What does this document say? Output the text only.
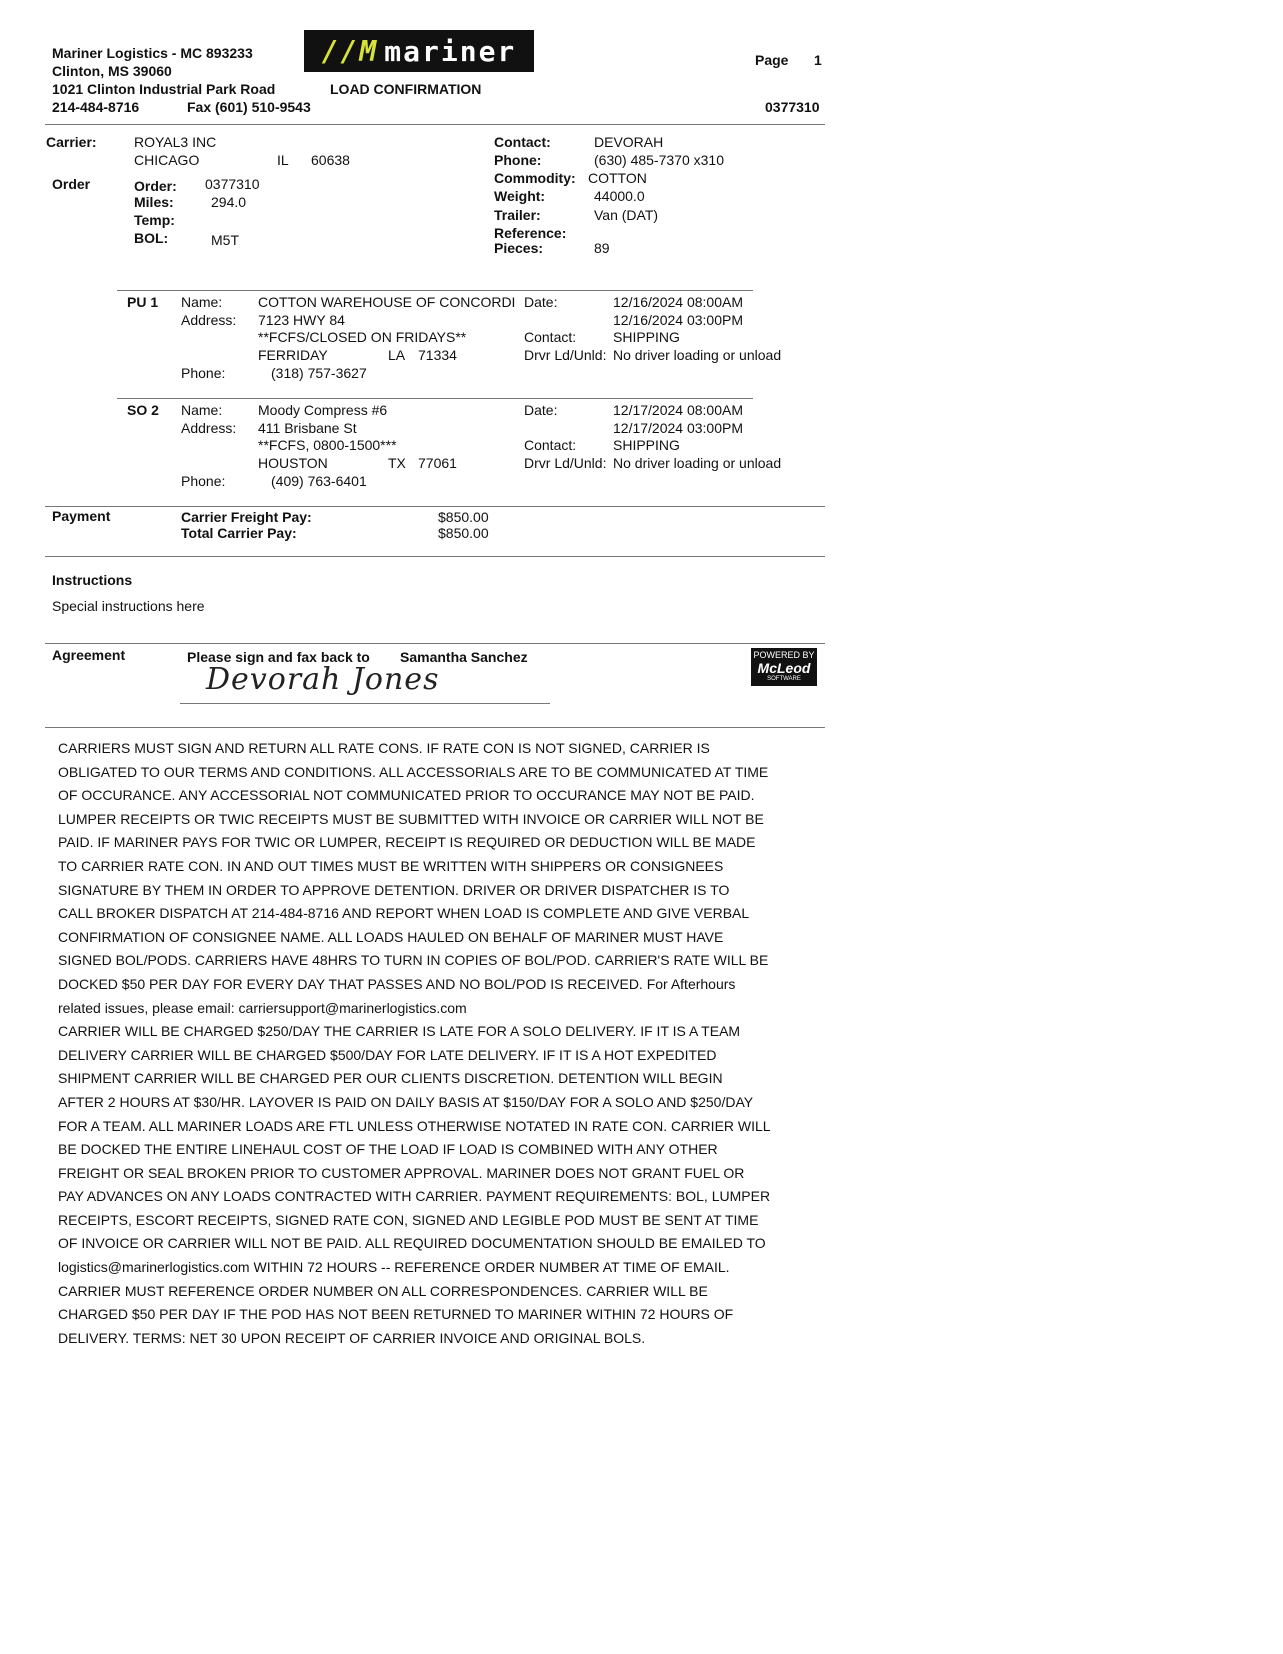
Mariner Logistics - MC 893233
Clinton, MS 39060
1021 Clinton Industrial Park Road
214-484-8716	Fax (601) 510-9543
//M mariner
LOAD CONFIRMATION
Page 1
0377310
Carrier:	ROYAL3 INC
CHICAGO	IL 60638
Contact:	DEVORAH
Phone:	(630) 485-7370 x310
Commodity: COTTON
Weight:	44000.0
Trailer:	Van (DAT)
Reference:
Pieces:	89
Order	Order: 0377310
Miles:	294.0
Temp:
BOL:	M5T
PU 1 Name:	COTTON WAREHOUSE OF CONCORDI
Address: 7123 HWY 84
**FCFS/CLOSED ON FRIDAYS**
FERRIDAY	LA 71334
Phone:	(318) 757-3627
Date:	12/16/2024 08:00AM
12/16/2024 03:00PM
Contact:	SHIPPING
Drvr Ld/Unld: No driver loading or unload
SO 2 Name:	Moody Compress #6
Address: 411 Brisbane St
**FCFS, 0800-1500***
HOUSTON	TX 77061
Phone:	(409) 763-6401
Date:	12/17/2024 08:00AM
12/17/2024 03:00PM
Contact:	SHIPPING
Drvr Ld/Unld: No driver loading or unload
Payment	Carrier Freight Pay:	$850.00
Total Carrier Pay:	$850.00
Instructions
Special instructions here
Agreement	Please sign and fax back to Samantha Sanchez
Devorah Jones
POWERED BY
McLeod
SOFTWARE
CARRIERS MUST SIGN AND RETURN ALL RATE CONS. IF RATE CON IS NOT SIGNED, CARRIER IS
OBLIGATED TO OUR TERMS AND CONDITIONS. ALL ACCESSORIALS ARE TO BE COMMUNICATED AT TIME
OF OCCURANCE. ANY ACCESSORIAL NOT COMMUNICATED PRIOR TO OCCURANCE MAY NOT BE PAID.
LUMPER RECEIPTS OR TWIC RECEIPTS MUST BE SUBMITTED WITH INVOICE OR CARRIER WILL NOT BE
PAID. IF MARINER PAYS FOR TWIC OR LUMPER, RECEIPT IS REQUIRED OR DEDUCTION WILL BE MADE
TO CARRIER RATE CON. IN AND OUT TIMES MUST BE WRITTEN WITH SHIPPERS OR CONSIGNEES
SIGNATURE BY THEM IN ORDER TO APPROVE DETENTION. DRIVER OR DRIVER DISPATCHER IS TO
CALL BROKER DISPATCH AT 214-484-8716 AND REPORT WHEN LOAD IS COMPLETE AND GIVE VERBAL
CONFIRMATION OF CONSIGNEE NAME. ALL LOADS HAULED ON BEHALF OF MARINER MUST HAVE
SIGNED BOL/PODS. CARRIERS HAVE 48HRS TO TURN IN COPIES OF BOL/POD. CARRIER'S RATE WILL BE
DOCKED $50 PER DAY FOR EVERY DAY THAT PASSES AND NO BOL/POD IS RECEIVED. For Afterhours
related issues, please email: carriersupport@marinerlogistics.com
CARRIER WILL BE CHARGED $250/DAY THE CARRIER IS LATE FOR A SOLO DELIVERY. IF IT IS A TEAM
DELIVERY CARRIER WILL BE CHARGED $500/DAY FOR LATE DELIVERY. IF IT IS A HOT EXPEDITED
SHIPMENT CARRIER WILL BE CHARGED PER OUR CLIENTS DISCRETION. DETENTION WILL BEGIN
AFTER 2 HOURS AT $30/HR. LAYOVER IS PAID ON DAILY BASIS AT $150/DAY FOR A SOLO AND $250/DAY
FOR A TEAM. ALL MARINER LOADS ARE FTL UNLESS OTHERWISE NOTATED IN RATE CON. CARRIER WILL
BE DOCKED THE ENTIRE LINEHAUL COST OF THE LOAD IF LOAD IS COMBINED WITH ANY OTHER
FREIGHT OR SEAL BROKEN PRIOR TO CUSTOMER APPROVAL. MARINER DOES NOT GRANT FUEL OR
PAY ADVANCES ON ANY LOADS CONTRACTED WITH CARRIER. PAYMENT REQUIREMENTS: BOL, LUMPER
RECEIPTS, ESCORT RECEIPTS, SIGNED RATE CON, SIGNED AND LEGIBLE POD MUST BE SENT AT TIME
OF INVOICE OR CARRIER WILL NOT BE PAID. ALL REQUIRED DOCUMENTATION SHOULD BE EMAILED TO
logistics@marinerlogistics.com WITHIN 72 HOURS -- REFERENCE ORDER NUMBER AT TIME OF EMAIL.
CARRIER MUST REFERENCE ORDER NUMBER ON ALL CORRESPONDENCES. CARRIER WILL BE
CHARGED $50 PER DAY IF THE POD HAS NOT BEEN RETURNED TO MARINER WITHIN 72 HOURS OF
DELIVERY. TERMS: NET 30 UPON RECEIPT OF CARRIER INVOICE AND ORIGINAL BOLS.
